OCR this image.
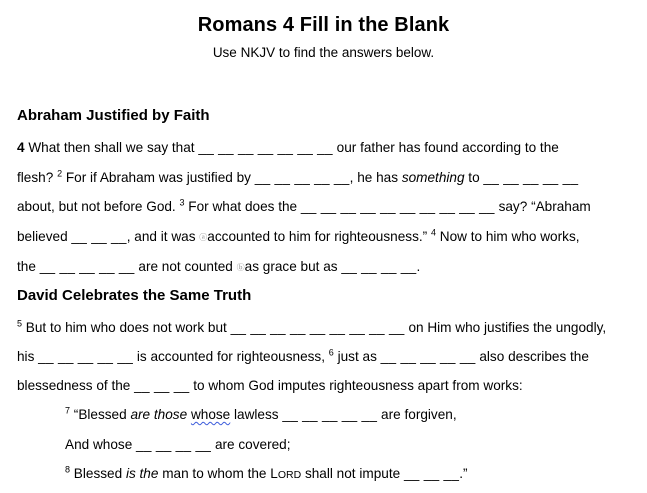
Romans 4 Fill in the Blank
Use NKJV to find the answers below.
Abraham Justified by Faith
4 What then shall we say that __ __ __ __ __ __ __ our father has found according to the
flesh? $^2$ For if Abraham was justified by __ __ __ __ __, he has something to __ __ __ __ __
about, but not before God. $^3$ For what does the __ __ __ __ __ __ __ __ __ __ say? “Abraham
believed __ __ __, and it was ⓐaccounted to him for righteousness.” $^4$ Now to him who works,
the __ __ __ __ __ are not counted ⓑas grace but as __ __ __ __.
David Celebrates the Same Truth
$^5$ But to him who does not work but __ __ __ __ __ __ __ __ __ on Him who justifies the ungodly,
his __ __ __ __ __ is accounted for righteousness, $^6$ just as __ __ __ __ __ also describes the
blessedness of the __ __ __ to whom God imputes righteousness apart from works:
$^7$ “Blessed are those whose lawless __ __ __ __ __ are forgiven,
And whose __ __ __ __ are covered;
$^8$ Blessed is the man to whom the LORD shall not impute __ __ __.”
